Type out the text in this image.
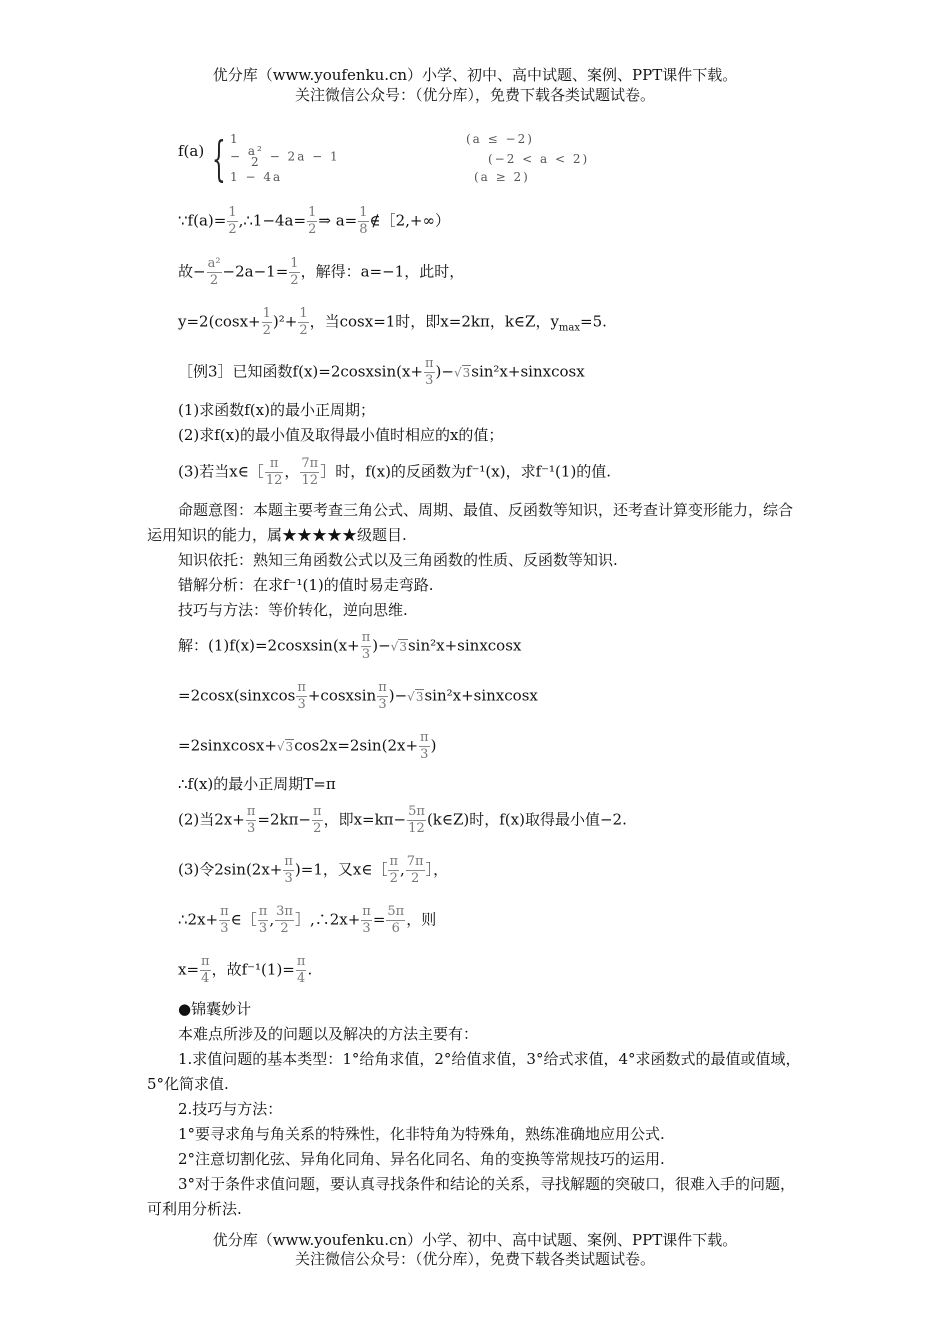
优分库（www.youfenku.cn）小学、初中、高中试题、案例、PPT课件下载。
关注微信公众号：（优分库），免费下载各类试题试卷。
f(a) { 1
− a²
2 − 2a − 1
1 − 4a
(a ≤ −2)
(−2 < a < 2)
(a ≥ 2)
∵f(a)= $\frac{1}{2}$ ,∴1−4a= $\frac{1}{2}$ ⇒ $a= \frac{1}{8}$ ∉［2,+∞）
故− $\frac{\text{a²}}{2} -2a-1= \frac{1}{2}$ ，解得：a=−1，此时，
$y=2(\cos x+ \frac{1}{2} )^2+ \frac{1}{2}$ ，当cosx=1时，即x=2kπ，k∈Z，$y_{max}=5$.
［例3］已知函数f(x)=2cosxsin(x+ $\frac{\pi}{3}$ )−√3sin²x+sinxcosx
(1)求函数f(x)的最小正周期；
(2)求f(x)的最小值及取得最小值时相应的x的值；
(3)若当x∈［ $\frac{\pi}{12}$ ， $\frac{7\pi}{12}$ ］时，f(x)的反函数为f⁻¹(x)，求f⁻¹(1)的值.
命题意图：本题主要考查三角公式、周期、最值、反函数等知识，还考查计算变形能力，综合运用知识的能力，属★★★★★级题目.
知识依托：熟知三角函数公式以及三角函数的性质、反函数等知识.
错解分析：在求f⁻¹(1)的值时易走弯路.
技巧与方法：等价转化，逆向思维.
解：(1)f(x)=2cosxsin(x+ $\frac{\pi}{3}$ )−√3sin²x+sinxcosx
=2cosx(sinxcos $\frac{\pi}{3}$ +cosxsin $\frac{\pi}{3}$ )−√3sin²x+sinxcosx
=2sinxcosx+√3cos2x=2sin(2x+ $\frac{\pi}{3}$ )
∴f(x)的最小正周期T=π
(2)当$2x+ \frac{\pi}{3} =2k\pi- \frac{\pi}{2}$ ，即$x=k\pi- \frac{5\pi}{12}$ (k∈Z)时，f(x)取得最小值−2.
(3)令$2\sin(2x+ \frac{\pi}{3} )=1$，又x∈［ $\frac{\pi}{2}$ , $\frac{7\pi}{2}$ ］，
∴2x+ $\frac{\pi}{3}$ ∈［ $\frac{\pi}{3}$ , $\frac{3\pi}{2}$ ］,∴2x+ $\frac{\pi}{3} = \frac{5\pi}{6}$ ，则
$x= \frac{\pi}{4}$ ，故$f^{-1}(1)= \frac{\pi}{4}$ .
●锦囊妙计
本难点所涉及的问题以及解决的方法主要有：
1.求值问题的基本类型：1°给角求值，2°给值求值，3°给式求值，4°求函数式的最值或值域，5°化简求值.
2.技巧与方法：
1°要寻求角与角关系的特殊性，化非特角为特殊角，熟练准确地应用公式.
2°注意切割化弦、异角化同角、异名化同名、角的变换等常规技巧的运用.
3°对于条件求值问题，要认真寻找条件和结论的关系，寻找解题的突破口，很难入手的问题，可利用分析法.
优分库（www.youfenku.cn）小学、初中、高中试题、案例、PPT课件下载。
关注微信公众号：（优分库），免费下载各类试题试卷。
